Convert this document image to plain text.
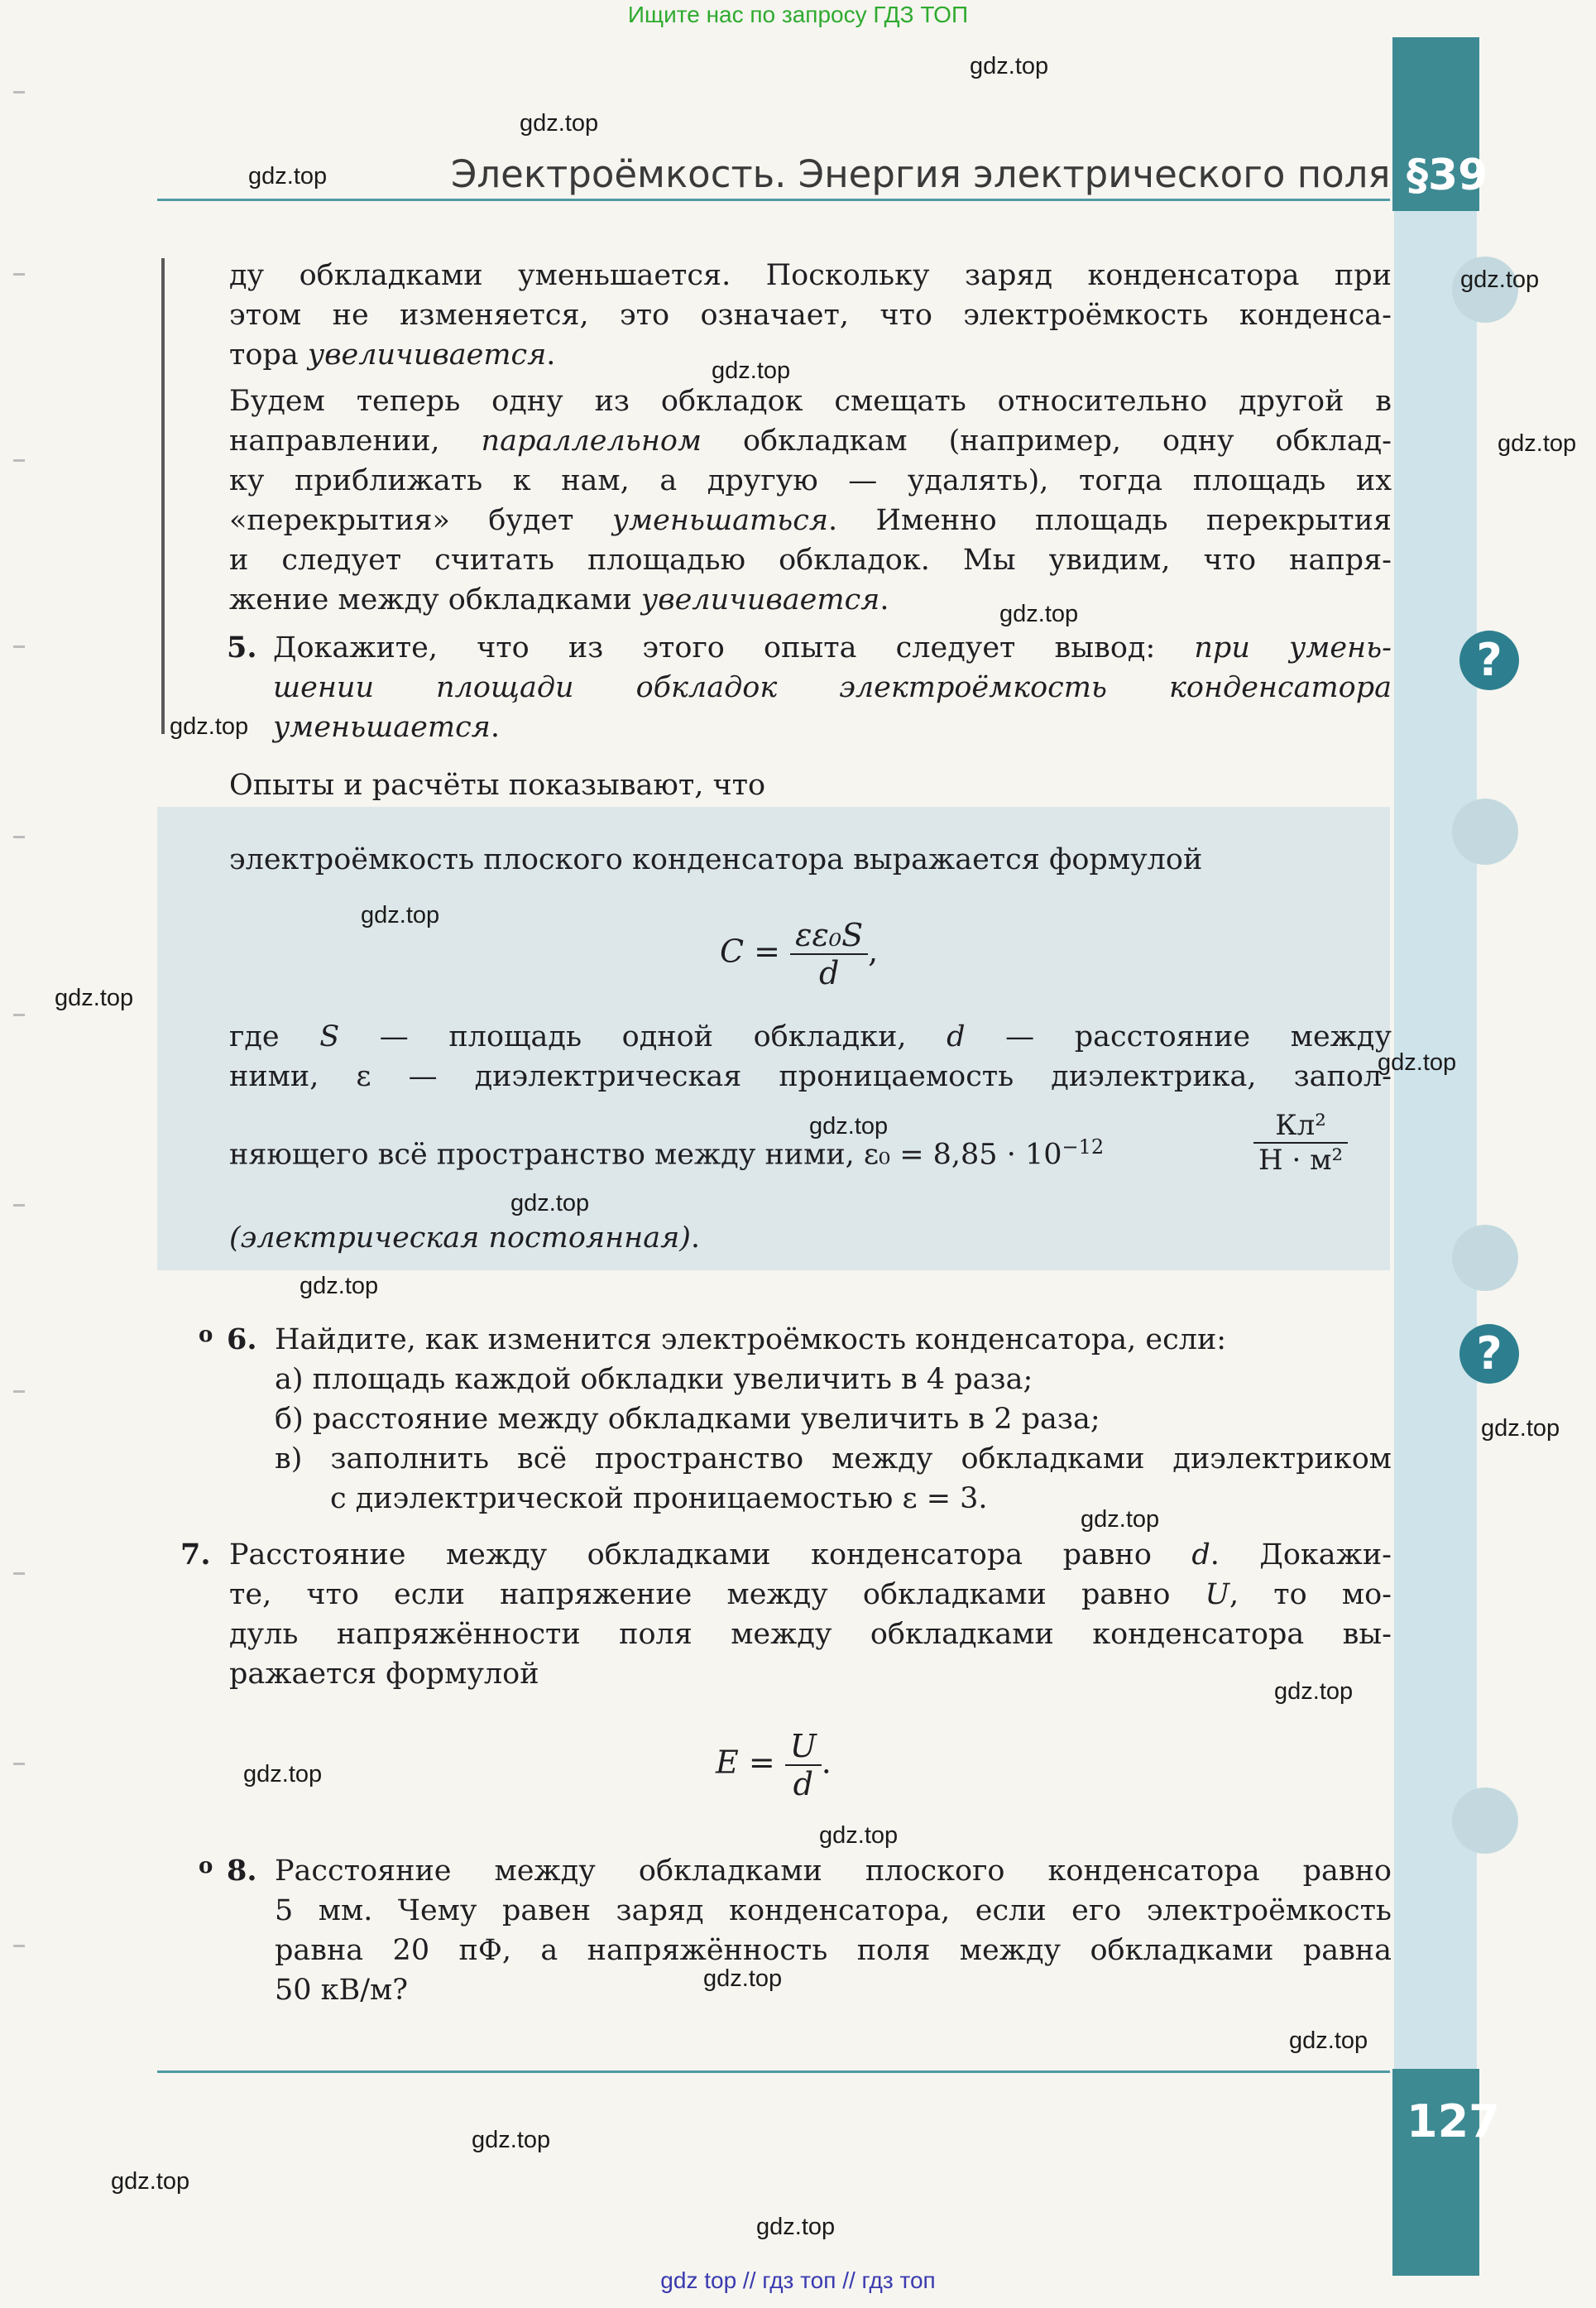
Ищите нас по запросу ГДЗ ТОП
§39
Электроёмкость. Энергия электрического поля
?
?
ду обкладками уменьшается. Поскольку заряд конденсатора при
этом не изменяется, это означает, что электроёмкость конденса-
тора увеличивается.
Будем теперь одну из обкладок смещать относительно другой в
направлении, параллельном обкладкам (например, одну обклад-
ку приближать к нам, а другую — удалять), тогда площадь их
«перекрытия» будет уменьшаться. Именно площадь перекрытия
и следует считать площадью обкладок. Мы увидим, что напря-
жение между обкладками увеличивается.
5. Докажите, что из этого опыта следует вывод: при умень-
шении площади обкладок электроёмкость конденсатора
уменьшается.
Опыты и расчёты показывают, что
электроёмкость плоского конденсатора выражается формулой
$C = \frac{\text{εε₀S}}{d}$ ,
где S — площадь одной обкладки, d — расстояние между
ними, ε — диэлектрическая проницаемость диэлектрика, запол-
няющего всё пространство между ними, $\varepsilon_0 = 8,85 \cdot 10^{-12}$	$\frac{\text{Кл²}}{\text{Н · м²}}$
(электрическая постоянная).
o 6. Найдите, как изменится электроёмкость конденсатора, если:
а) площадь каждой обкладки увеличить в 4 раза;
б) расстояние между обкладками увеличить в 2 раза;
в) заполнить всё пространство между обкладками диэлектриком
с диэлектрической проницаемостью ε = 3.
7. Расстояние между обкладками конденсатора равно d. Докажи-
те, что если напряжение между обкладками равно U, то мо-
дуль напряжённости поля между обкладками конденсатора вы-
ражается формулой
$E = \frac{U}{d}$ .
o 8. Расстояние между обкладками плоского конденсатора равно
5 мм. Чему равен заряд конденсатора, если его электроёмкость
равна 20 пФ, а напряжённость поля между обкладками равна
50 кВ/м?
127
gdz top // гдз топ // гдз топ
gdz.top
gdz.top
gdz.top
gdz.top
gdz.top
gdz.top
gdz.top
gdz.top
gdz.top
gdz.top
gdz.top
gdz.top
gdz.top
gdz.top
gdz.top
gdz.top
gdz.top
gdz.top
gdz.top
gdz.top
gdz.top
gdz.top
gdz.top
gdz.top
